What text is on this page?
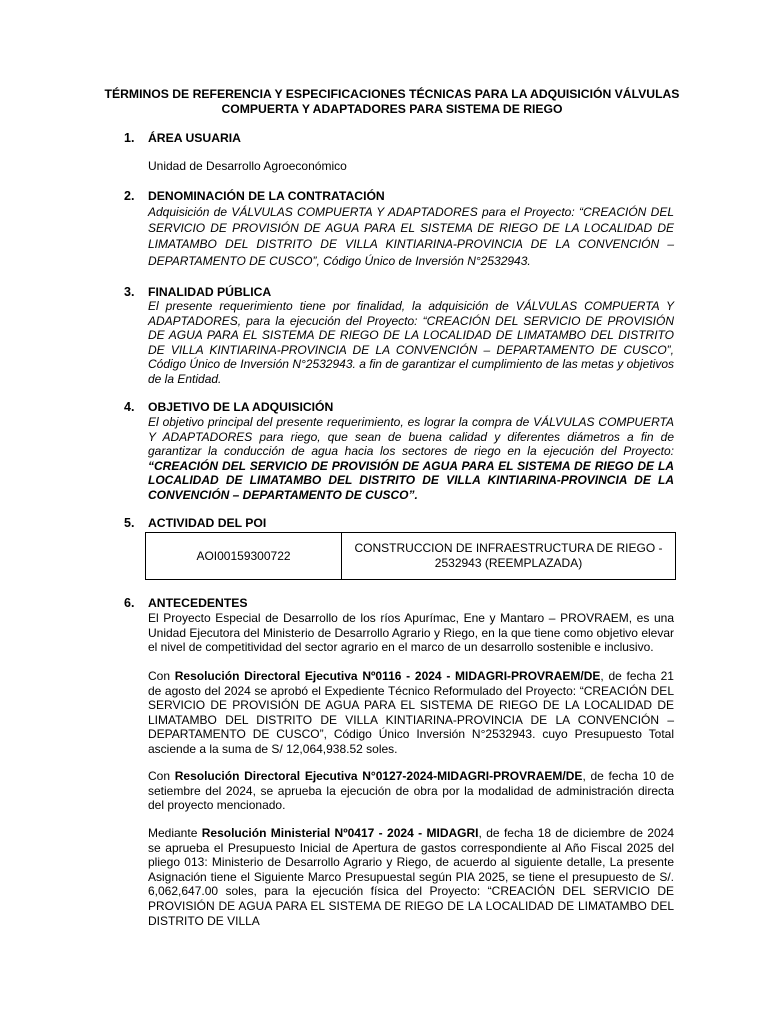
TÉRMINOS DE REFERENCIA Y ESPECIFICACIONES TÉCNICAS PARA LA ADQUISICIÓN VÁLVULAS COMPUERTA Y ADAPTADORES PARA SISTEMA DE RIEGO
1. ÁREA USUARIA
Unidad de Desarrollo Agroeconómico
2. DENOMINACIÓN DE LA CONTRATACIÓN
Adquisición de VÁLVULAS COMPUERTA Y ADAPTADORES para el Proyecto: “CREACIÓN DEL SERVICIO DE PROVISIÓN DE AGUA PARA EL SISTEMA DE RIEGO DE LA LOCALIDAD DE LIMATAMBO DEL DISTRITO DE VILLA KINTIARINA-PROVINCIA DE LA CONVENCIÓN – DEPARTAMENTO DE CUSCO”, Código Único de Inversión N°2532943.
3. FINALIDAD PÚBLICA
El presente requerimiento tiene por finalidad, la adquisición de VÁLVULAS COMPUERTA Y ADAPTADORES, para la ejecución del Proyecto: “CREACIÓN DEL SERVICIO DE PROVISIÓN DE AGUA PARA EL SISTEMA DE RIEGO DE LA LOCALIDAD DE LIMATAMBO DEL DISTRITO DE VILLA KINTIARINA-PROVINCIA DE LA CONVENCIÓN – DEPARTAMENTO DE CUSCO”, Código Único de Inversión N°2532943. a fin de garantizar el cumplimiento de las metas y objetivos de la Entidad.
4. OBJETIVO DE LA ADQUISICIÓN
El objetivo principal del presente requerimiento, es lograr la compra de VÁLVULAS COMPUERTA Y ADAPTADORES para riego, que sean de buena calidad y diferentes diámetros a fin de garantizar la conducción de agua hacia los sectores de riego en la ejecución del Proyecto: “CREACIÓN DEL SERVICIO DE PROVISIÓN DE AGUA PARA EL SISTEMA DE RIEGO DE LA LOCALIDAD DE LIMATAMBO DEL DISTRITO DE VILLA KINTIARINA-PROVINCIA DE LA CONVENCIÓN – DEPARTAMENTO DE CUSCO”.
5. ACTIVIDAD DEL POI
AOI00159300722	CONSTRUCCION DE INFRAESTRUCTURA DE RIEGO - 2532943 (REEMPLAZADA)
6. ANTECEDENTES
El Proyecto Especial de Desarrollo de los ríos Apurímac, Ene y Mantaro – PROVRAEM, es una Unidad Ejecutora del Ministerio de Desarrollo Agrario y Riego, en la que tiene como objetivo elevar el nivel de competitividad del sector agrario en el marco de un desarrollo sostenible e inclusivo.
Con Resolución Directoral Ejecutiva Nº0116 - 2024 - MIDAGRI-PROVRAEM/DE, de fecha 21 de agosto del 2024 se aprobó el Expediente Técnico Reformulado del Proyecto: “CREACIÓN DEL SERVICIO DE PROVISIÓN DE AGUA PARA EL SISTEMA DE RIEGO DE LA LOCALIDAD DE LIMATAMBO DEL DISTRITO DE VILLA KINTIARINA-PROVINCIA DE LA CONVENCIÓN – DEPARTAMENTO DE CUSCO”, Código Único Inversión N°2532943. cuyo Presupuesto Total asciende a la suma de S/ 12,064,938.52 soles.
Con Resolución Directoral Ejecutiva N°0127-2024-MIDAGRI-PROVRAEM/DE, de fecha 10 de setiembre del 2024, se aprueba la ejecución de obra por la modalidad de administración directa del proyecto mencionado.
Mediante Resolución Ministerial Nº0417 - 2024 - MIDAGRI, de fecha 18 de diciembre de 2024 se aprueba el Presupuesto Inicial de Apertura de gastos correspondiente al Año Fiscal 2025 del pliego 013: Ministerio de Desarrollo Agrario y Riego, de acuerdo al siguiente detalle, La presente Asignación tiene el Siguiente Marco Presupuestal según PIA 2025, se tiene el presupuesto de S/. 6,062,647.00 soles, para la ejecución física del Proyecto: “CREACIÓN DEL SERVICIO DE PROVISIÓN DE AGUA PARA EL SISTEMA DE RIEGO DE LA LOCALIDAD DE LIMATAMBO DEL DISTRITO DE VILLA
